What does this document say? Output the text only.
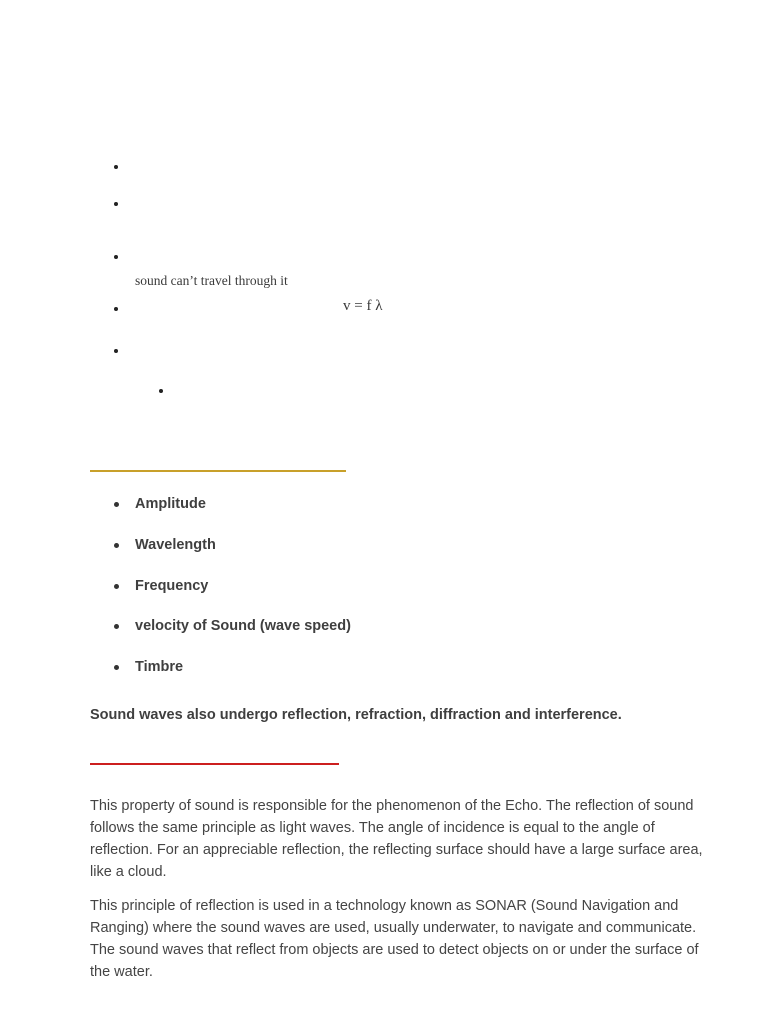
sound can’t travel through it
v = f λ
Amplitude
Wavelength
Frequency
velocity of Sound (wave speed)
Timbre
Sound waves also undergo reflection, refraction, diffraction and interference.

This property of sound is responsible for the phenomenon of the Echo. The reflection of sound follows the same principle as light waves. The angle of incidence is equal to the angle of reflection. For an appreciable reflection, the reflecting surface should have a large surface area, like a cloud.

This principle of reflection is used in a technology known as SONAR (Sound Navigation and Ranging) where the sound waves are used, usually underwater, to navigate and communicate. The sound waves that reflect from objects are used to detect objects on or under the surface of the water.
